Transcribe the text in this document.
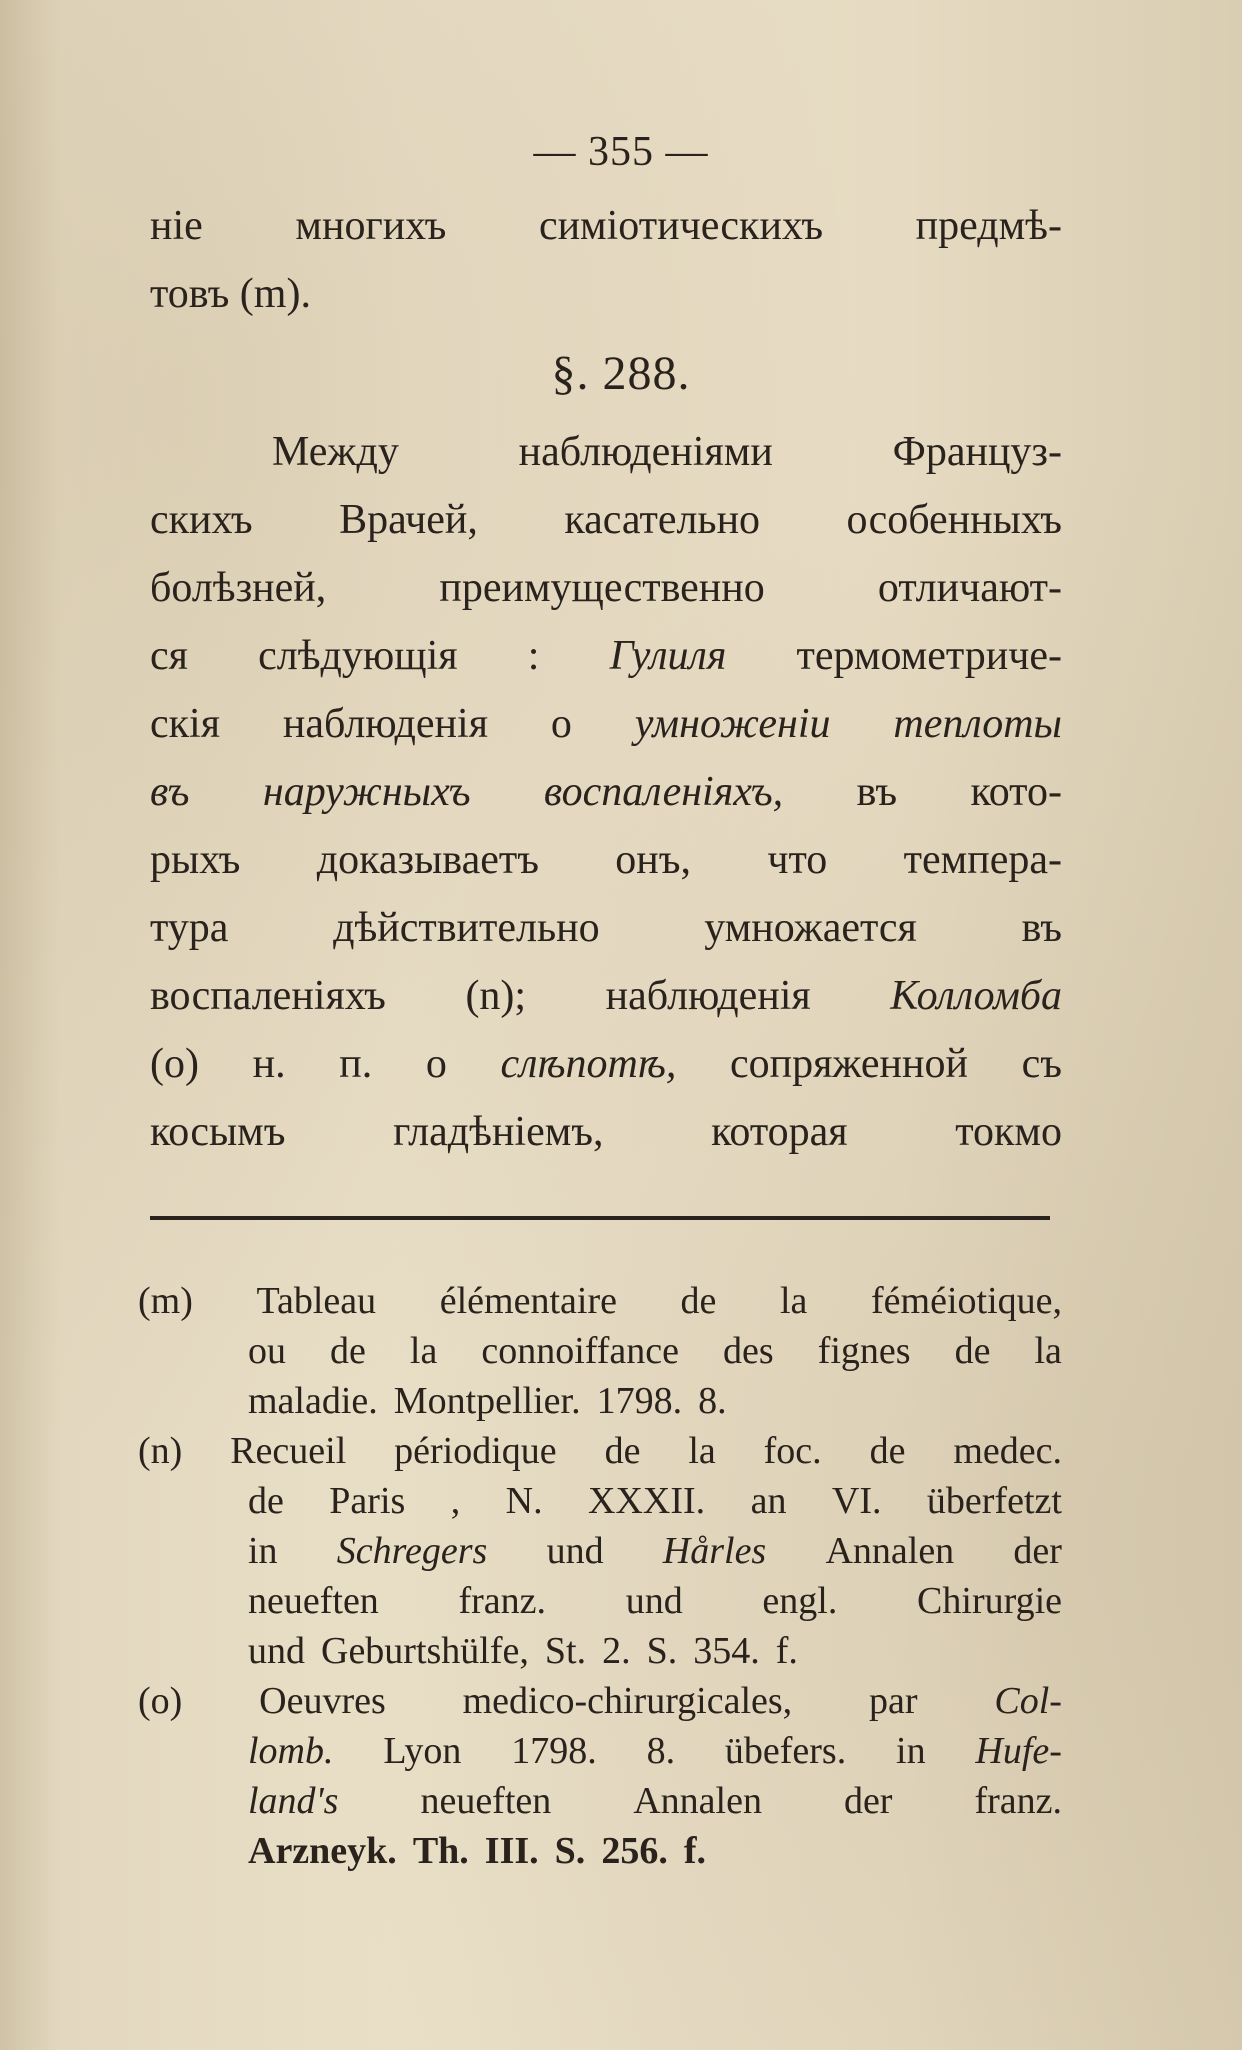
— 355 —
ніе многихъ симіотическихъ предмѣ-
товъ (m).
§. 288.
Между	наблюденіями	Француз-
скихъ Врачей, касательно особенныхъ
болѣзней,	преимущественно	отличают-
ся слѣдующія : Гулиля термометриче-
скія наблюденія о умноженіи теплоты
въ наружныхъ воспаленіяхъ, въ кото-
рыхъ доказываетъ онъ, что темпера-
тура дѣйствительно умножается въ
воспаленіяхъ (n); наблюденія Колломба
(o) н. п. о слѣпотѣ, сопряженной съ
косымъ	гладѣніемъ,	которая	токмо
(m) Tableau élémentaire de la féméiotique,
ou de la connoiffance des fignes de la
maladie. Montpellier. 1798. 8.
(n) Recueil périodique de la foc. de medec.
de Paris , N. XXXII. an VI. überfetzt
in Schregers und Hårles Annalen der
neueften franz. und engl. Chirurgie
und Geburtshülfe, St. 2. S. 354. f.
(o) Oeuvres medico-chirurgicales, par Col-
lomb. Lyon 1798. 8. übefers. in Hufe-
land's neueften Annalen der franz.
Arzneyk. Th. III. S. 256. f.
